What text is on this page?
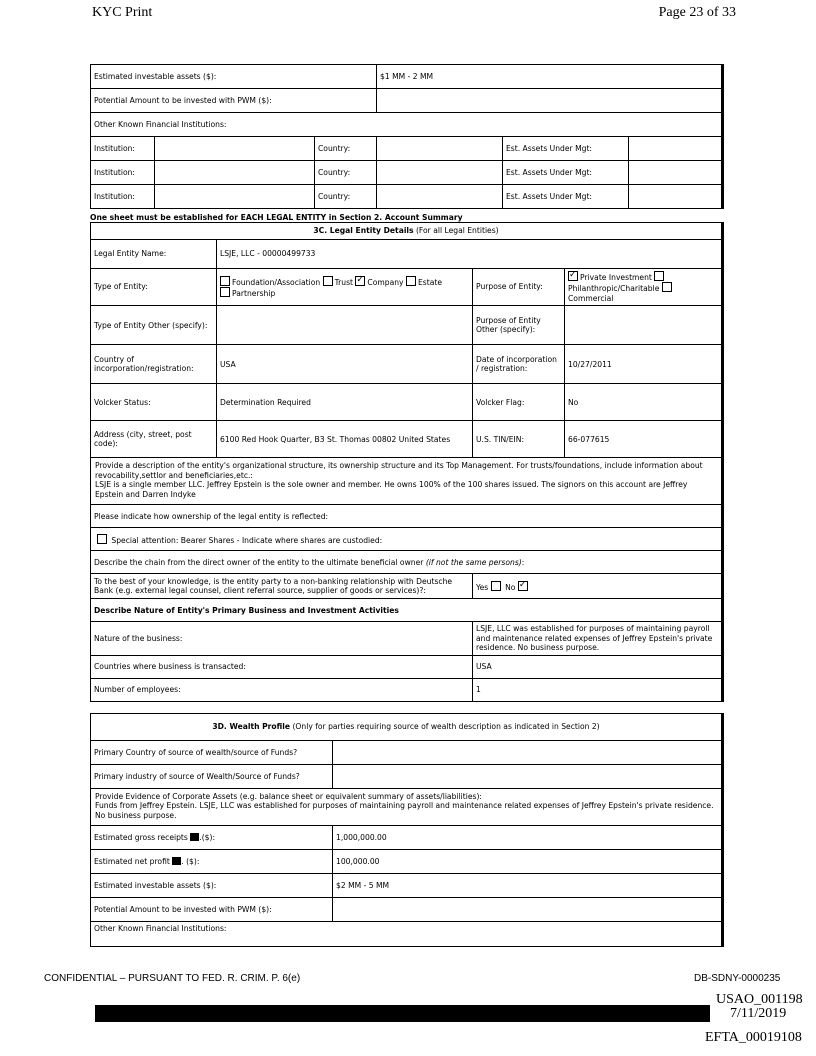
KYC Print	Page 23 of 33
Estimated investable assets ($):			$1 MM - 2 MM		
Potential Amount to be invested with PWM ($):					
Other Known Financial Institutions:					
Institution:		Country:		Est. Assets Under Mgt:	
Institution:		Country:		Est. Assets Under Mgt:	
Institution:		Country:		Est. Assets Under Mgt:	
One sheet must be established for EACH LEGAL ENTITY in Section 2. Account Summary
3C. Legal Entity Details (For all Legal Entities)			
Legal Entity Name:	LSJE, LLC - 00000499733		
Type of Entity:	Foundation/Association Trust ✓ Company Estate
Partnership	Purpose of Entity:	✓Private Investment
Philanthropic/Charitable Commercial
Type of Entity Other (specify):		Purpose of Entity Other (specify):	
Country of incorporation/registration:	USA	Date of incorporation / registration:	10/27/2011
Volcker Status:	Determination Required	Volcker Flag:	No
Address (city, street, post code):	6100 Red Hook Quarter, B3 St. Thomas 00802 United States	U.S. TIN/EIN:	66-077615

Provide a description of the entity's organizational structure, its ownership structure and its Top Management. For trusts/foundations, include information about revocability,settlor and beneficiaries,etc.:
LSJE is a single member LLC. Jeffrey Epstein is the sole owner and member. He owns 100% of the 100 shares issued. The signors on this account are Jeffrey Epstein and Darren Indyke			

Please indicate how ownership of the legal entity is reflected:			
Special attention: Bearer Shares - Indicate where shares are custodied:			
Describe the chain from the direct owner of the entity to the ultimate beneficial owner (if not the same persons):			
To the best of your knowledge, is the entity party to a non-banking relationship with Deutsche Bank (e.g. external legal counsel, client referral source, supplier of goods or services)?:		Yes No ✓
Describe Nature of Entity's Primary Business and Investment Activities			
Nature of the business:		LSJE, LLC was established for purposes of maintaining payroll and maintenance related expenses of Jeffrey Epstein's private residence. No business purpose.	
Countries where business is transacted:		USA	
Number of employees:		1	
3D. Wealth Profile (Only for parties requiring source of wealth description as indicated in Section 2)	
Primary Country of source of wealth/source of Funds?	
Primary industry of source of Wealth/Source of Funds?	

Provide Evidence of Corporate Assets (e.g. balance sheet or equivalent summary of assets/liabilities):
Funds from Jeffrey Epstein. LSJE, LLC was established for purposes of maintaining payroll and maintenance related expenses of Jeffrey Epstein's private residence. No business purpose.	

Estimated gross receipts .($):	1,000,000.00
Estimated net profit . ($):	100,000.00
Estimated investable assets ($):	$2 MM - 5 MM
Potential Amount to be invested with PWM ($):	
Other Known Financial Institutions:	
CONFIDENTIAL – PURSUANT TO FED. R. CRIM. P. 6(e)	DB-SDNY-0000235
USAO_001198
7/11/2019
EFTA_00019108
